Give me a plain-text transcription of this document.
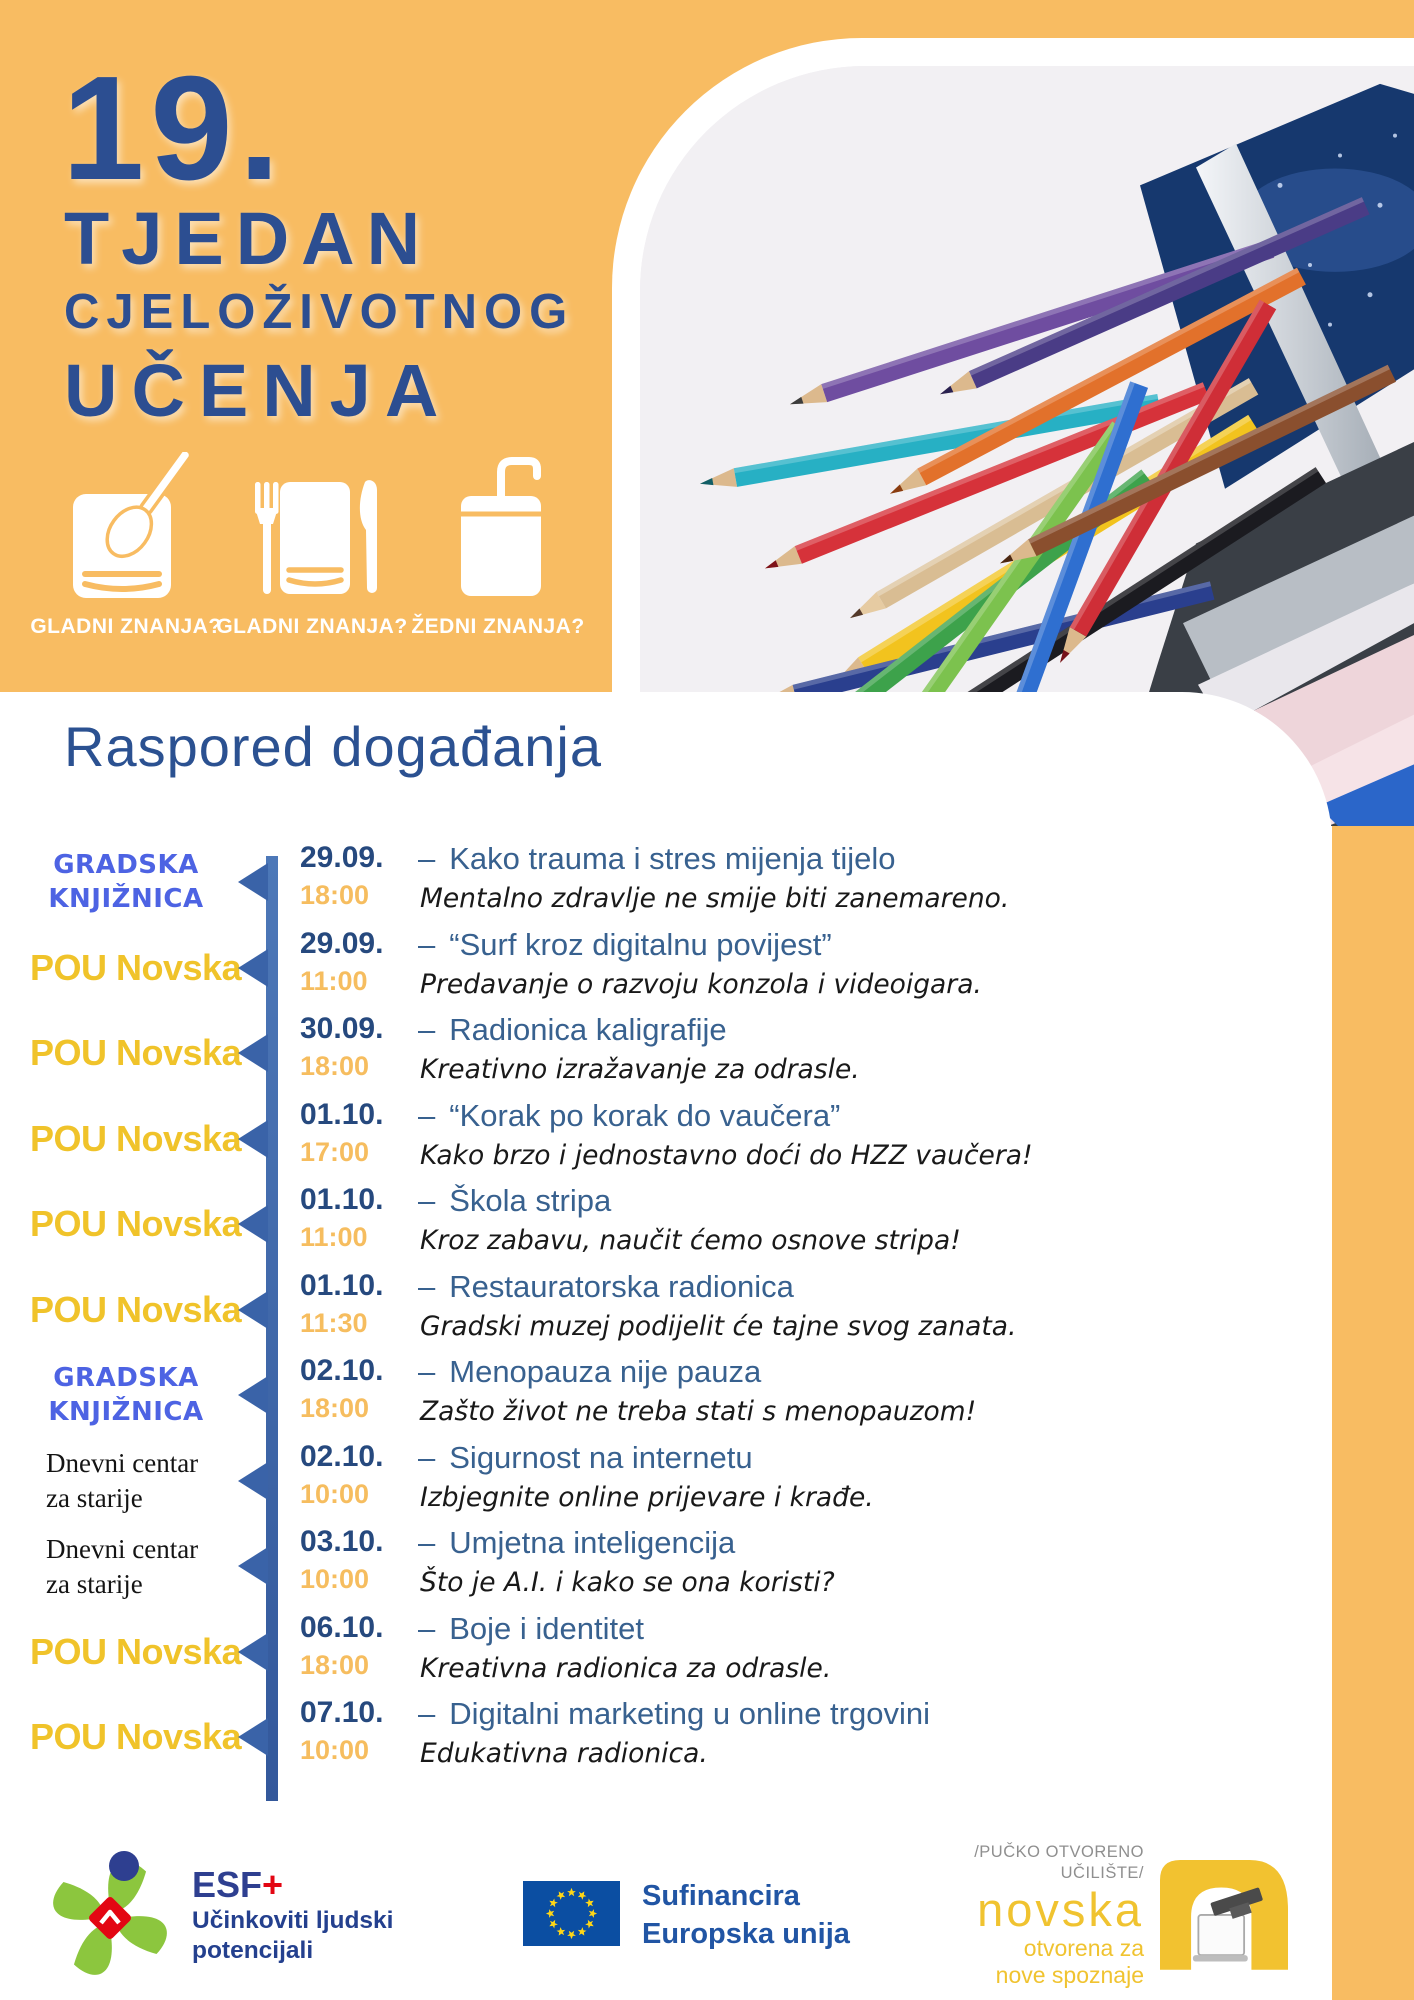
19.
TJEDAN
CJELOŽIVOTNOG
UČENJA
GLADNI ZNANJA?
GLADNI ZNANJA? ŽEDNI ZNANJA?
Raspored događanja
GRADSKA KNJIŽNICA
29.09.
18:00
– Kako trauma i stres mijenja tijelo
Mentalno zdravlje ne smije biti zanemareno.
POU Novska
29.09.
11:00
– “Surf kroz digitalnu povijest”
Predavanje o razvoju konzola i videoigara.
POU Novska
30.09.
18:00
– Radionica kaligrafije
Kreativno izražavanje za odrasle.
POU Novska
01.10.
17:00
– “Korak po korak do vaučera”
Kako brzo i jednostavno doći do HZZ vaučera!
POU Novska
01.10.
11:00
– Škola stripa
Kroz zabavu, naučit ćemo osnove stripa!
POU Novska
01.10.
11:30
– Restauratorska radionica
Gradski muzej podijelit će tajne svog zanata.
GRADSKA KNJIŽNICA
02.10.
18:00
– Menopauza nije pauza
Zašto život ne treba stati s menopauzom!
Dnevni centar za starije
02.10.
10:00
– Sigurnost na internetu
Izbjegnite online prijevare i krađe.
Dnevni centar za starije
03.10.
10:00
– Umjetna inteligencija
Što je A.I. i kako se ona koristi?
POU Novska
06.10.
18:00
– Boje i identitet
Kreativna radionica za odrasle.
POU Novska
07.10.
10:00
– Digitalni marketing u online trgovini
Edukativna radionica.
ESF+
Učinkoviti ljudski potencijali
Sufinancira Europska unija
/PUČKO OTVORENO UČILIŠTE/
novska
otvorena za nove spoznaje
